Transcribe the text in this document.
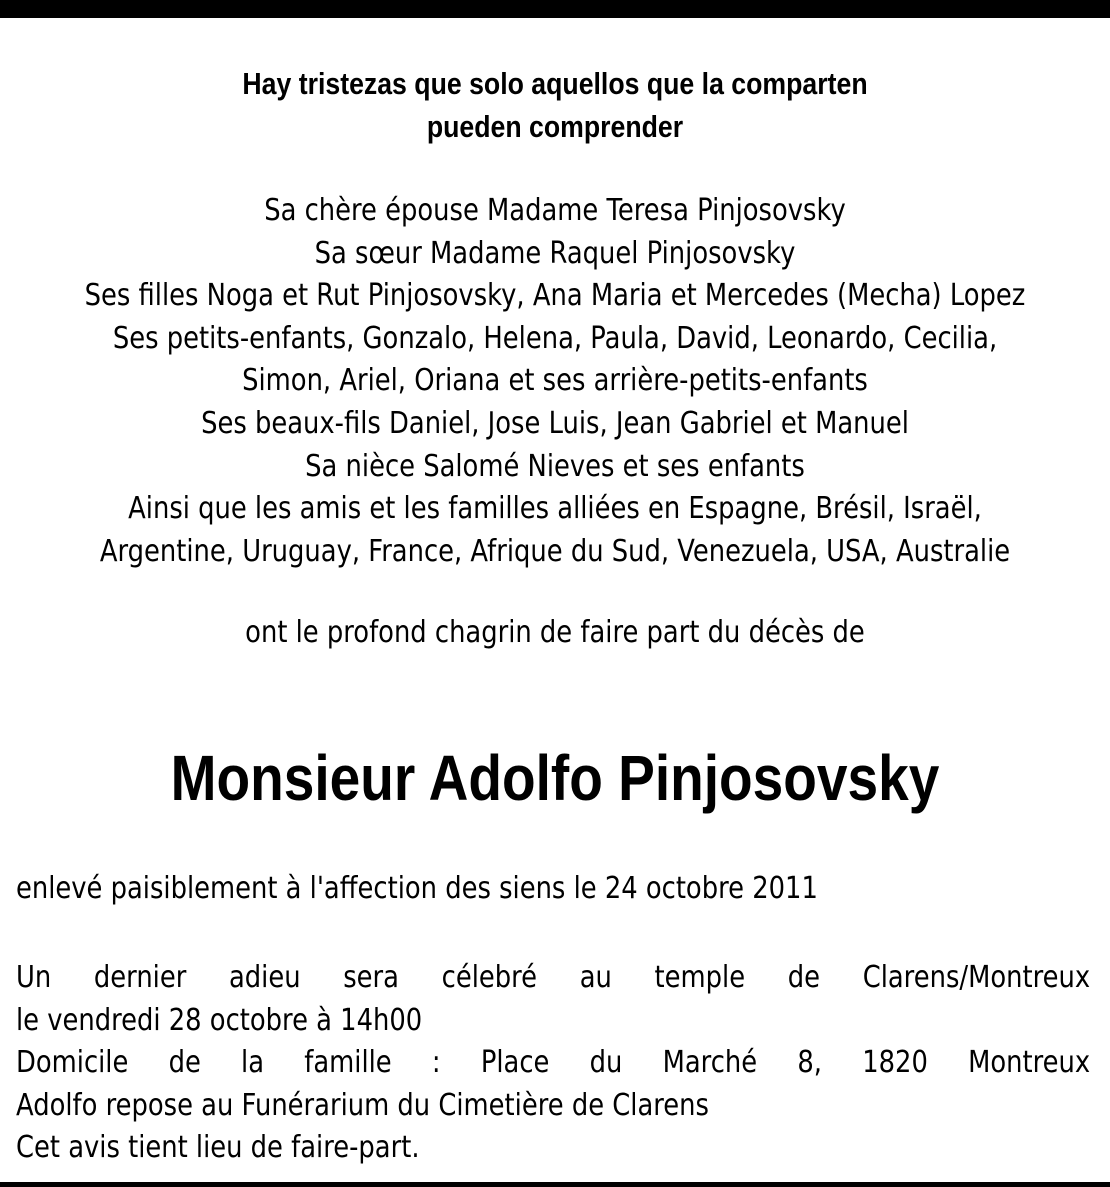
Hay tristezas que solo aquellos que la comparten
pueden comprender
Sa chère épouse Madame Teresa Pinjosovsky
Sa sœur Madame Raquel Pinjosovsky
Ses filles Noga et Rut Pinjosovsky, Ana Maria et Mercedes (Mecha) Lopez
Ses petits-enfants, Gonzalo, Helena, Paula, David, Leonardo, Cecilia,
Simon, Ariel, Oriana et ses arrière-petits-enfants
Ses beaux-fils Daniel, Jose Luis, Jean Gabriel et Manuel
Sa nièce Salomé Nieves et ses enfants
Ainsi que les amis et les familles alliées en Espagne, Brésil, Israël,
Argentine, Uruguay, France, Afrique du Sud, Venezuela, USA, Australie
ont le profond chagrin de faire part du décès de
Monsieur Adolfo Pinjosovsky
enlevé paisiblement à l'affection des siens le 24 octobre 2011
Un dernier adieu sera célebré au temple de Clarens/Montreux
le vendredi 28 octobre à 14h00
Domicile de la famille : Place du Marché 8, 1820 Montreux
Adolfo repose au Funérarium du Cimetière de Clarens
Cet avis tient lieu de faire-part.
